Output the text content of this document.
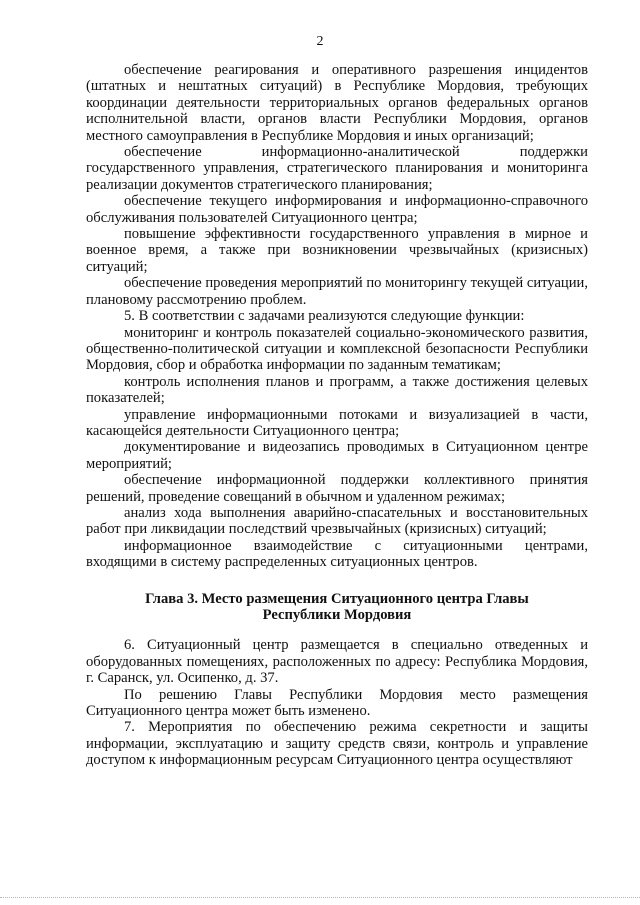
2

обеспечение реагирования и оперативного разрешения инцидентов (штатных и нештатных ситуаций) в Республике Мордовия, требующих координации деятельности территориальных органов федеральных органов исполнительной власти, органов власти Республики Мордовия, органов местного самоуправления в Республике Мордовия и иных организаций;

обеспечение информационно-аналитической поддержки государственного управления, стратегического планирования и мониторинга реализации документов стратегического планирования;

обеспечение текущего информирования и информационно-справочного обслуживания пользователей Ситуационного центра;

повышение эффективности государственного управления в мирное и военное время, а также при возникновении чрезвычайных (кризисных) ситуаций;

обеспечение проведения мероприятий по мониторингу текущей ситуации, плановому рассмотрению проблем.

5. В соответствии с задачами реализуются следующие функции:

мониторинг и контроль показателей социально-экономического развития, общественно-политической ситуации и комплексной безопасности Республики Мордовия, сбор и обработка информации по заданным тематикам;

контроль исполнения планов и программ, а также достижения целевых показателей;

управление информационными потоками и визуализацией в части, касающейся деятельности Ситуационного центра;

документирование и видеозапись проводимых в Ситуационном центре мероприятий;

обеспечение информационной поддержки коллективного принятия решений, проведение совещаний в обычном и удаленном режимах;

анализ хода выполнения аварийно-спасательных и восстановительных работ при ликвидации последствий чрезвычайных (кризисных) ситуаций;

информационное взаимодействие с ситуационными центрами, входящими в систему распределенных ситуационных центров.

Глава 3. Место размещения Ситуационного центра Главы
Республики Мордовия

6. Ситуационный центр размещается в специально отведенных и оборудованных помещениях, расположенных по адресу: Республика Мордовия, г. Саранск, ул. Осипенко, д. 37.

По решению Главы Республики Мордовия место размещения Ситуационного центра может быть изменено.

7. Мероприятия по обеспечению режима секретности и защиты информации, эксплуатацию и защиту средств связи, контроль и управление доступом к информационным ресурсам Ситуационного центра осуществляют
